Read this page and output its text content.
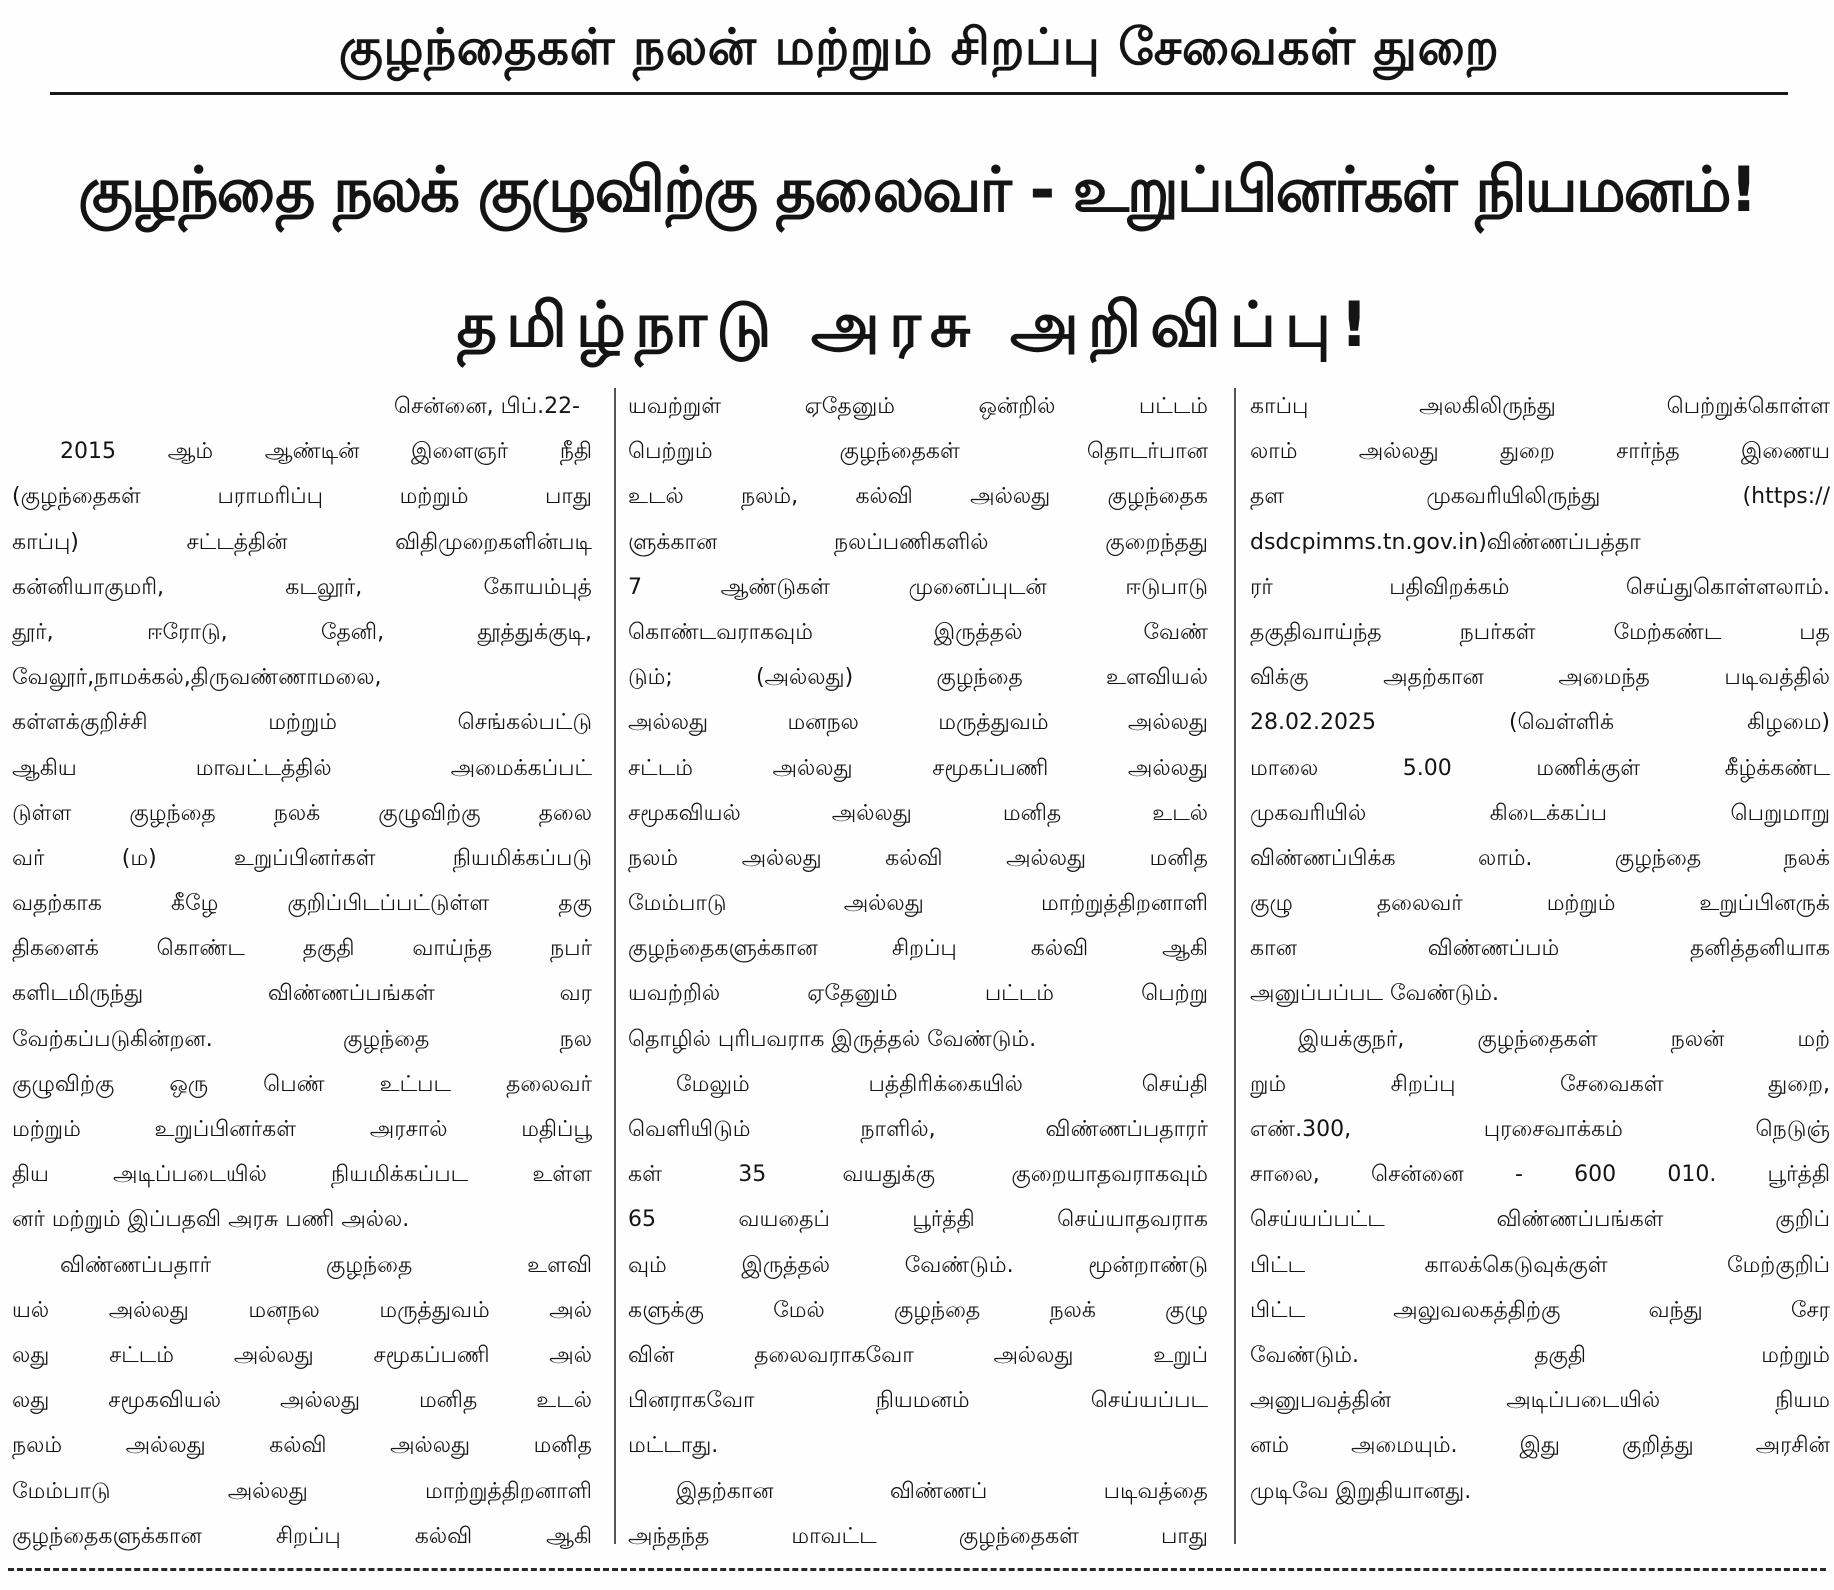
குழந்தைகள் நலன் மற்றும் சிறப்பு சேவைகள் துறை
குழந்தை நலக் குழுவிற்கு தலைவர் - உறுப்பினர்கள் நியமனம்!
தமிழ்நாடு அரசு அறிவிப்பு!
சென்னை, பிப்.22-
2015 ஆம் ஆண்டின் இளைஞர் நீதி
(குழந்தைகள் பராமரிப்பு மற்றும் பாது
காப்பு) சட்டத்தின் விதிமுறைகளின்படி
கன்னியாகுமரி, கடலூர், கோயம்புத்
தூர், ஈரோடு, தேனி, தூத்துக்குடி,
வேலூர்,நாமக்கல்,திருவண்ணாமலை,
கள்ளக்குறிச்சி மற்றும் செங்கல்பட்டு
ஆகிய மாவட்டத்தில் அமைக்கப்பட்
டுள்ள குழந்தை நலக் குழுவிற்கு தலை
வர் (ம) உறுப்பினர்கள் நியமிக்கப்படு
வதற்காக கீழே குறிப்பிடப்பட்டுள்ள தகு
திகளைக் கொண்ட தகுதி வாய்ந்த நபர்
களிடமிருந்து விண்ணப்பங்கள் வர
வேற்கப்படுகின்றன. குழந்தை நல
குழுவிற்கு ஒரு பெண் உட்பட தலைவர்
மற்றும் உறுப்பினர்கள் அரசால் மதிப்பூ
திய அடிப்படையில் நியமிக்கப்பட உள்ள
னர் மற்றும் இப்பதவி அரசு பணி அல்ல.
விண்ணப்பதார் குழந்தை உளவி
யல் அல்லது மனநல மருத்துவம் அல்
லது சட்டம் அல்லது சமூகப்பணி அல்
லது சமூகவியல் அல்லது மனித உடல்
நலம் அல்லது கல்வி அல்லது மனித
மேம்பாடு அல்லது மாற்றுத்திறனாளி
குழந்தைகளுக்கான சிறப்பு கல்வி ஆகி
யவற்றுள் ஏதேனும் ஒன்றில் பட்டம்
பெற்றும் குழந்தைகள் தொடர்பான
உடல் நலம், கல்வி அல்லது குழந்தைக
ளுக்கான நலப்பணிகளில் குறைந்தது
7 ஆண்டுகள் முனைப்புடன் ஈடுபாடு
கொண்டவராகவும் இருத்தல் வேண்
டும்; (அல்லது) குழந்தை உளவியல்
அல்லது மனநல மருத்துவம் அல்லது
சட்டம் அல்லது சமூகப்பணி அல்லது
சமூகவியல் அல்லது மனித உடல்
நலம் அல்லது கல்வி அல்லது மனித
மேம்பாடு அல்லது மாற்றுத்திறனாளி
குழந்தைகளுக்கான சிறப்பு கல்வி ஆகி
யவற்றில் ஏதேனும் பட்டம் பெற்று
தொழில் புரிபவராக இருத்தல் வேண்டும்.
மேலும் பத்திரிக்கையில் செய்தி
வெளியிடும் நாளில், விண்ணப்பதாரர்
கள் 35 வயதுக்கு குறையாதவராகவும்
65 வயதைப் பூர்த்தி செய்யாதவராக
வும் இருத்தல் வேண்டும். மூன்றாண்டு
களுக்கு மேல் குழந்தை நலக் குழு
வின் தலைவராகவோ அல்லது உறுப்
பினராகவோ நியமனம் செய்யப்பட
மட்டாது.
இதற்கான விண்ணப் படிவத்தை
அந்தந்த மாவட்ட குழந்தைகள் பாது
காப்பு அலகிலிருந்து பெற்றுக்கொள்ள
லாம் அல்லது துறை சார்ந்த இணைய
தள முகவரியிலிருந்து (https://
dsdcpimms.tn.gov.in)விண்ணப்பத்தா
ரர் பதிவிறக்கம் செய்துகொள்ளலாம்.
தகுதிவாய்ந்த நபர்கள் மேற்கண்ட பத
விக்கு அதற்கான அமைந்த படிவத்தில்
28.02.2025 (வெள்ளிக் கிழமை)
மாலை 5.00 மணிக்குள் கீழ்க்கண்ட
முகவரியில் கிடைக்கப்ப பெறுமாறு
விண்ணப்பிக்க லாம். குழந்தை நலக்
குழு தலைவர் மற்றும் உறுப்பினருக்
கான விண்ணப்பம் தனித்தனியாக
அனுப்பப்பட வேண்டும்.
இயக்குநர், குழந்தைகள் நலன் மற்
றும் சிறப்பு சேவைகள் துறை,
எண்.300, புரசைவாக்கம் நெடுஞ்
சாலை, சென்னை - 600 010. பூர்த்தி
செய்யப்பட்ட விண்ணப்பங்கள் குறிப்
பிட்ட காலக்கெடுவுக்குள் மேற்குறிப்
பிட்ட அலுவலகத்திற்கு வந்து சேர
வேண்டும். தகுதி மற்றும்
அனுபவத்தின் அடிப்படையில் நியம
னம் அமையும். இது குறித்து அரசின்
முடிவே இறுதியானது.
